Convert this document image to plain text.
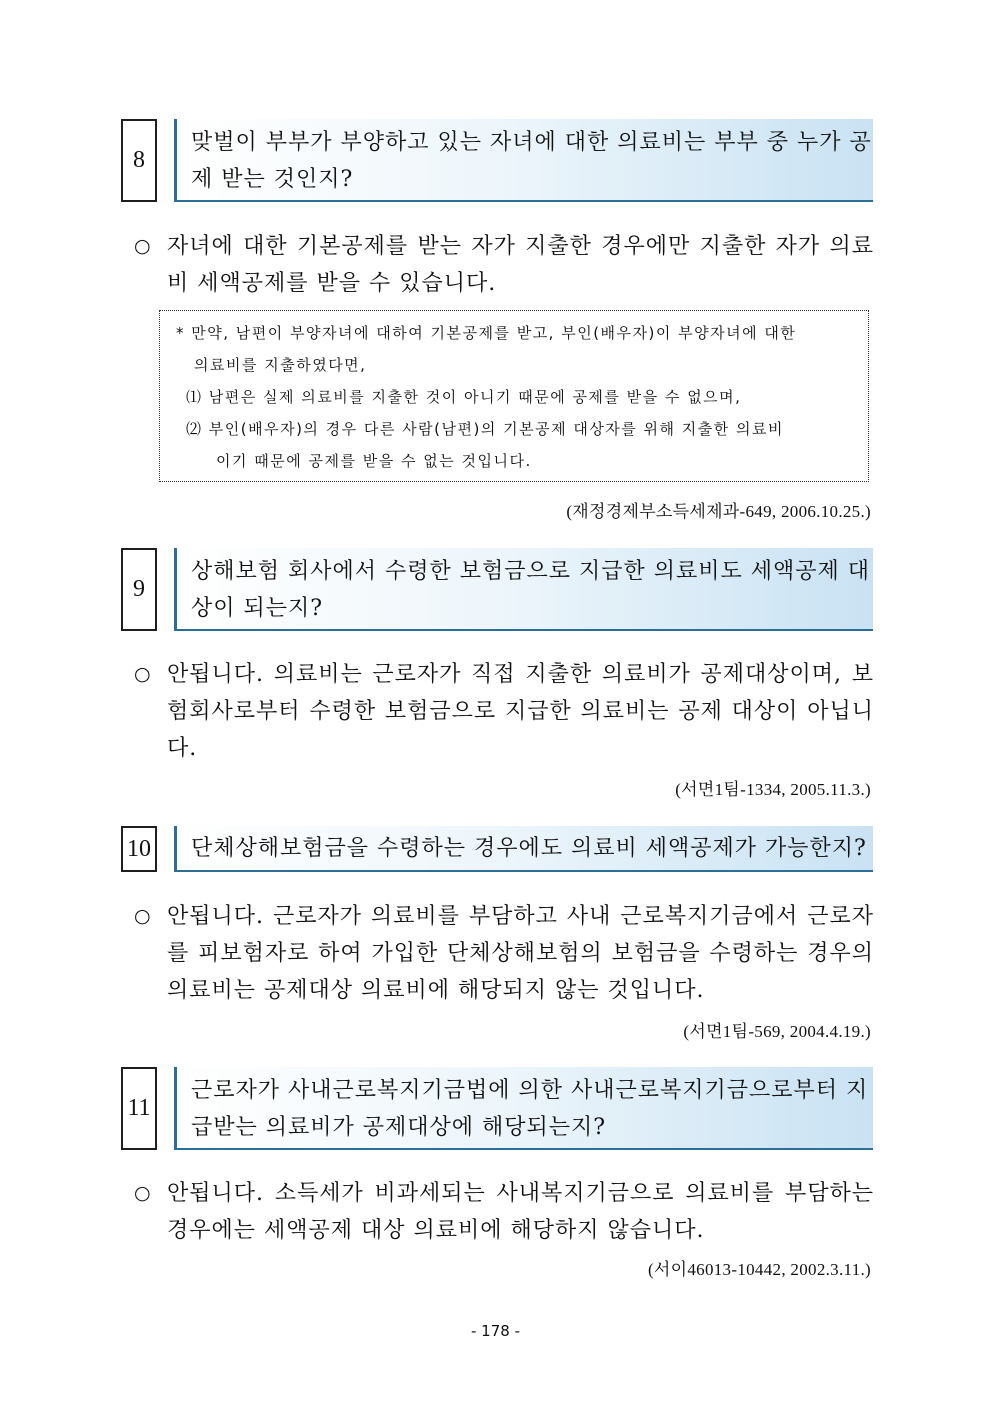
8
맞벌이 부부가 부양하고 있는 자녀에 대한 의료비는 부부 중 누가 공제 받는 것인지?
○ 자녀에 대한 기본공제를 받는 자가 지출한 경우에만 지출한 자가 의료비 세액공제를 받을 수 있습니다.
* 만약, 남편이 부양자녀에 대하여 기본공제를 받고, 부인(배우자)이 부양자녀에 대한
의료비를 지출하였다면,
⑴ 남편은 실제 의료비를 지출한 것이 아니기 때문에 공제를 받을 수 없으며,
⑵ 부인(배우자)의 경우 다른 사람(남편)의 기본공제 대상자를 위해 지출한 의료비
이기 때문에 공제를 받을 수 없는 것입니다.
(재정경제부소득세제과-649, 2006.10.25.)
9
상해보험 회사에서 수령한 보험금으로 지급한 의료비도 세액공제 대상이 되는지?
○ 안됩니다. 의료비는 근로자가 직접 지출한 의료비가 공제대상이며, 보험회사로부터 수령한 보험금으로 지급한 의료비는 공제 대상이 아닙니다.
(서면1팀-1334, 2005.11.3.)
10	단체상해보험금을 수령하는 경우에도 의료비 세액공제가 가능한지?
○ 안됩니다. 근로자가 의료비를 부담하고 사내 근로복지기금에서 근로자를 피보험자로 하여 가입한 단체상해보험의 보험금을 수령하는 경우의 의료비는 공제대상 의료비에 해당되지 않는 것입니다.
(서면1팀-569, 2004.4.19.)
11
근로자가 사내근로복지기금법에 의한 사내근로복지기금으로부터 지급받는 의료비가 공제대상에 해당되는지?
○ 안됩니다. 소득세가 비과세되는 사내복지기금으로 의료비를 부담하는 경우에는 세액공제 대상 의료비에 해당하지 않습니다.
(서이46013-10442, 2002.3.11.)
- 178 -
